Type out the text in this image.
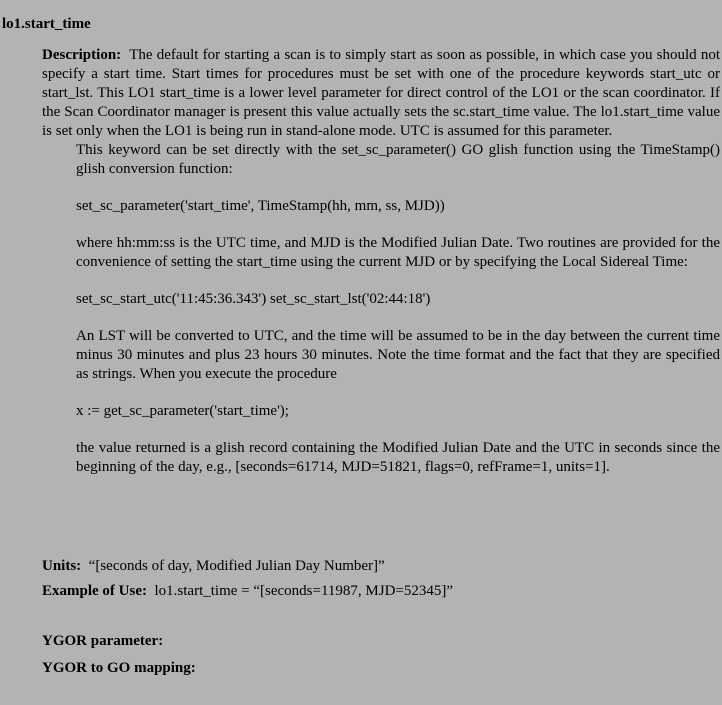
lo1.start_time

Description: The default for starting a scan is to simply start as soon as possible, in which case you should not specify a start time. Start times for procedures must be set with one of the procedure keywords start_utc or start_lst. This LO1 start_time is a lower level parameter for direct control of the LO1 or the scan coordinator. If the Scan Coordinator manager is present this value actually sets the sc.start_time value. The lo1.start_time value is set only when the LO1 is being run in stand-alone mode. UTC is assumed for this parameter.

This keyword can be set directly with the set_sc_parameter() GO glish function using the TimeStamp() glish conversion function:

set_sc_parameter('start_time', TimeStamp(hh, mm, ss, MJD))

where hh:mm:ss is the UTC time, and MJD is the Modified Julian Date. Two routines are provided for the convenience of setting the start_time using the current MJD or by specifying the Local Sidereal Time:

set_sc_start_utc('11:45:36.343') set_sc_start_lst('02:44:18')

An LST will be converted to UTC, and the time will be assumed to be in the day between the current time minus 30 minutes and plus 23 hours 30 minutes. Note the time format and the fact that they are specified as strings. When you execute the procedure

x := get_sc_parameter('start_time');

the value returned is a glish record containing the Modified Julian Date and the UTC in seconds since the beginning of the day, e.g., [seconds=61714, MJD=51821, flags=0, refFrame=1, units=1].

Units: “[seconds of day, Modified Julian Day Number]”
Example of Use: lo1.start_time = “[seconds=11987, MJD=52345]”
YGOR parameter:
YGOR to GO mapping:
